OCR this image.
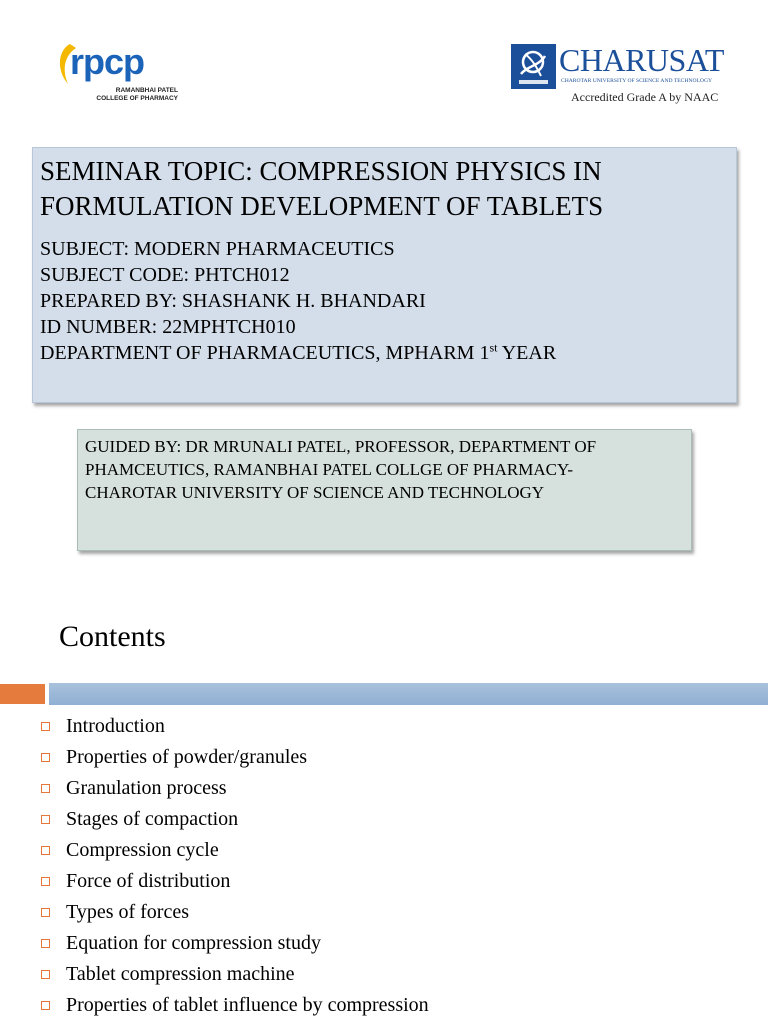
rpcp
RAMANBHAI PATEL
COLLEGE OF PHARMACY
CHARUSAT
CHAROTAR UNIVERSITY OF SCIENCE AND TECHNOLOGY
Accredited Grade A by NAAC
SEMINAR TOPIC: COMPRESSION PHYSICS IN
FORMULATION DEVELOPMENT OF TABLETS
SUBJECT: MODERN PHARMACEUTICS
SUBJECT CODE: PHTCH012
PREPARED BY: SHASHANK H. BHANDARI
ID NUMBER: 22MPHTCH010
DEPARTMENT OF PHARMACEUTICS, MPHARM 1st YEAR

GUIDED BY: DR MRUNALI PATEL, PROFESSOR, DEPARTMENT OF
PHAMCEUTICS, RAMANBHAI PATEL COLLGE OF PHARMACY-
CHAROTAR UNIVERSITY OF SCIENCE AND TECHNOLOGY

Contents
Introduction
Properties of powder/granules
Granulation process
Stages of compaction
Compression cycle
Force of distribution
Types of forces
Equation for compression study
Tablet compression machine
Properties of tablet influence by compression
